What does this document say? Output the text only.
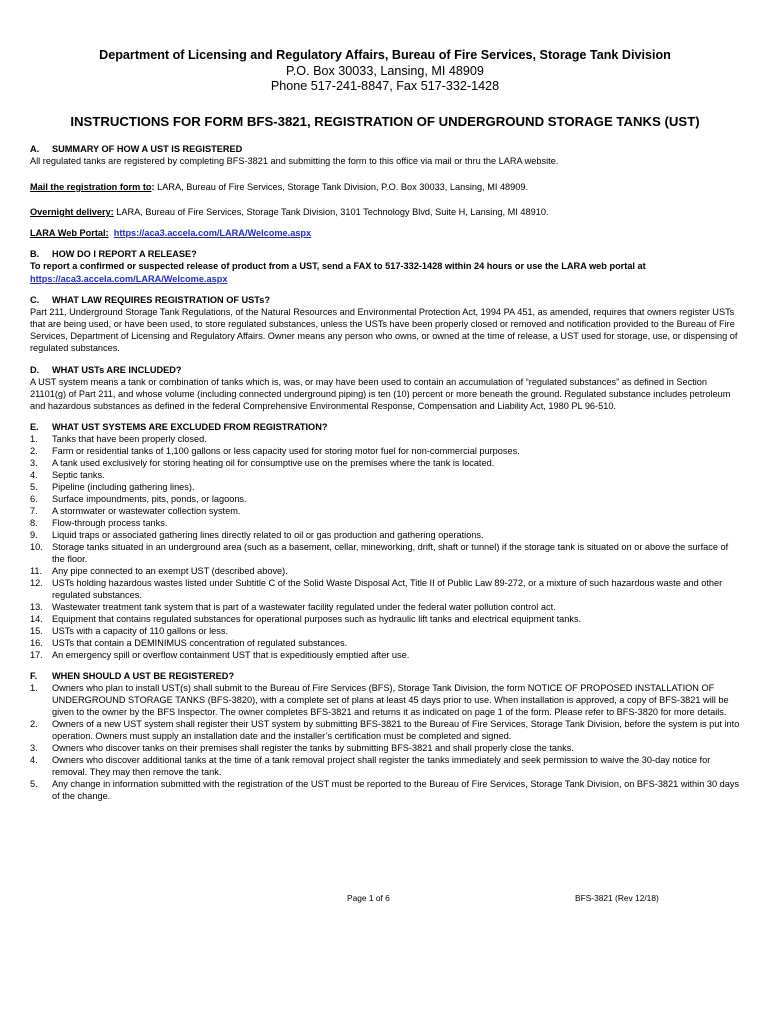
Department of Licensing and Regulatory Affairs, Bureau of Fire Services, Storage Tank Division
P.O. Box 30033, Lansing, MI 48909
Phone 517-241-8847, Fax 517-332-1428
INSTRUCTIONS FOR FORM BFS-3821, REGISTRATION OF UNDERGROUND STORAGE TANKS (UST)
A.	SUMMARY OF HOW A UST IS REGISTERED

All regulated tanks are registered by completing BFS-3821 and submitting the form to this office via mail or thru the LARA website.

Mail the registration form to: LARA, Bureau of Fire Services, Storage Tank Division, P.O. Box 30033, Lansing, MI 48909.

Overnight delivery: LARA, Bureau of Fire Services, Storage Tank Division, 3101 Technology Blvd, Suite H, Lansing, MI 48910.

LARA Web Portal: https://aca3.accela.com/LARA/Welcome.aspx

B.	HOW DO I REPORT A RELEASE?

To report a confirmed or suspected release of product from a UST, send a FAX to 517-332-1428 within 24 hours or use the LARA web portal at https://aca3.accela.com/LARA/Welcome.aspx

C.	WHAT LAW REQUIRES REGISTRATION OF USTs?

Part 211, Underground Storage Tank Regulations, of the Natural Resources and Environmental Protection Act, 1994 PA 451, as amended, requires that owners register USTs that are being used, or have been used, to store regulated substances, unless the USTs have been properly closed or removed and notification provided to the Bureau of Fire Services, Department of Licensing and Regulatory Affairs. Owner means any person who owns, or owned at the time of release, a UST used for storage, use, or dispensing of regulated substances.

D.	WHAT USTs ARE INCLUDED?

A UST system means a tank or combination of tanks which is, was, or may have been used to contain an accumulation of “regulated substances” as defined in Section 21101(g) of Part 211, and whose volume (including connected underground piping) is ten (10) percent or more beneath the ground. Regulated substance includes petroleum and hazardous substances as defined in the federal Comprehensive Environmental Response, Compensation and Liability Act, 1980 PL 96-510.

E.	WHAT UST SYSTEMS ARE EXCLUDED FROM REGISTRATION?
1.	Tanks that have been properly closed.
2.	Farm or residential tanks of 1,100 gallons or less capacity used for storing motor fuel for non-commercial purposes.
3.	A tank used exclusively for storing heating oil for consumptive use on the premises where the tank is located.
4.	Septic tanks.
5.	Pipeline (including gathering lines).
6.	Surface impoundments, pits, ponds, or lagoons.
7.	A stormwater or wastewater collection system.
8.	Flow-through process tanks.
9.	Liquid traps or associated gathering lines directly related to oil or gas production and gathering operations.
10.	Storage tanks situated in an underground area (such as a basement, cellar, mineworking, drift, shaft or tunnel) if the storage tank is situated on or above the surface of the floor.
11.	Any pipe connected to an exempt UST (described above).
12.	USTs holding hazardous wastes listed under Subtitle C of the Solid Waste Disposal Act, Title II of Public Law 89-272, or a mixture of such hazardous waste and other regulated substances.
13.	Wastewater treatment tank system that is part of a wastewater facility regulated under the federal water pollution control act.
14.	Equipment that contains regulated substances for operational purposes such as hydraulic lift tanks and electrical equipment tanks.
15.	USTs with a capacity of 110 gallons or less.
16.	USTs that contain a DEMINIMUS concentration of regulated substances.
17.	An emergency spill or overflow containment UST that is expeditiously emptied after use.
F.	WHEN SHOULD A UST BE REGISTERED?
1.	Owners who plan to install UST(s) shall submit to the Bureau of Fire Services (BFS), Storage Tank Division, the form NOTICE OF PROPOSED INSTALLATION OF UNDERGROUND STORAGE TANKS (BFS-3820), with a complete set of plans at least 45 days prior to use. When installation is approved, a copy of BFS-3821 will be given to the owner by the BFS Inspector. The owner completes BFS-3821 and returns it as indicated on page 1 of the form. Please refer to BFS-3820 for more details.
2.	Owners of a new UST system shall register their UST system by submitting BFS-3821 to the Bureau of Fire Services, Storage Tank Division, before the system is put into operation. Owners must supply an installation date and the installer’s certification must be completed and signed.
3.	Owners who discover tanks on their premises shall register the tanks by submitting BFS-3821 and shall properly close the tanks.
4.	Owners who discover additional tanks at the time of a tank removal project shall register the tanks immediately and seek permission to waive the 30-day notice for removal. They may then remove the tank.
5.	Any change in information submitted with the registration of the UST must be reported to the Bureau of Fire Services, Storage Tank Division, on BFS-3821 within 30 days of the change.
Page 1 of 6	BFS-3821 (Rev 12/18)
